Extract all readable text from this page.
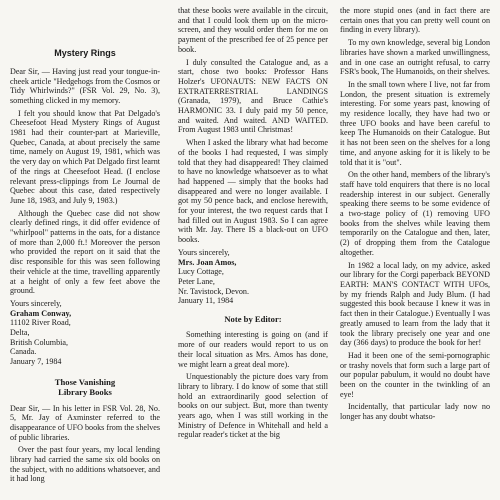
Mystery Rings

Dear Sir, — Having just read your tongue-in-cheek article "Hedgehogs from the Cosmos or Tidy Whirlwinds?" (FSR Vol. 29, No. 3), something clicked in my memory.

I felt you should know that Pat Delgado's Cheesefoot Head Mystery Rings of August 1981 had their counter-part at Marieville, Quebec, Canada, at about precisely the same time, namely on August 19, 1981, which was the very day on which Pat Delgado first learnt of the rings at Cheesefoot Head. (I enclose relevant press-clippings from Le Journal de Quebec about this case, dated respectively June 18, 1983, and July 9, 1983.)

Although the Quebec case did not show clearly defined rings, it did offer evidence of "whirlpool" patterns in the oats, for a distance of more than 2,000 ft.! Moreover the person who provided the report on it said that the disc responsible for this was seen following their vehicle at the time, travelling apparently at a height of only a few feet above the ground.

Yours sincerely,

Graham Conway,

11102 River Road,

Delta,

British Columbia,

Canada.

January 7, 1984

Those Vanishing
Library Books

Dear Sir, — In his letter in FSR Vol. 28, No. 5, Mr. Jay of Axminster referred to the disappearance of UFO books from the shelves of public libraries.

Over the past four years, my local lending library had carried the same six old books on the subject, with no additions whatsoever, and it had long

that these books were available in the circuit, and that I could look them up on the micro-screen, and they would order them for me on payment of the prescribed fee of 25 pence per book.

I duly consulted the Catalogue and, as a start, chose two books: Professor Hans Holzer's UFONAUTS: NEW FACTS ON EXTRATERRESTRIAL LANDINGS (Granada, 1979), and Bruce Cathie's HARMONIC 33. I duly paid my 50 pence, and waited. And waited. AND WAITED. From August 1983 until Christmas!

When I asked the library what had become of the books I had requested, I was simply told that they had disappeared! They claimed to have no knowledge whatsoever as to what had happened — simply that the books had disappeared and were no longer available. I got my 50 pence back, and enclose herewith, for your interest, the two request cards that I had filled out in August 1983. So I can agree with Mr. Jay. There IS a black-out on UFO books.

Yours sincerely,

Mrs. Joan Amos,

Lucy Cottage,

Peter Lane,

Nr. Tavistock, Devon.

January 11, 1984

Note by Editor:

Something interesting is going on (and if more of our readers would report to us on their local situation as Mrs. Amos has done, we might learn a great deal more).

Unquestionably the picture does vary from library to library. I do know of some that still hold an extraordinarily good selection of books on our subject. But, more than twenty years ago, when I was still working in the Ministry of Defence in Whitehall and held a regular reader's ticket at the big

the more stupid ones (and in fact there are certain ones that you can pretty well count on finding in every library).

To my own knowledge, several big London libraries have shown a marked unwillingness, and in one case an outright refusal, to carry FSR's book, The Humanoids, on their shelves.

In the small town where I live, not far from London, the present situation is extremely interesting. For some years past, knowing of my residence locally, they have had two or three UFO books and have been careful to keep The Humanoids on their Catalogue. But it has not been seen on the shelves for a long time, and anyone asking for it is likely to be told that it is "out".

On the other hand, members of the library's staff have told enquirers that there is no local readership interest in our subject. Generally speaking there seems to be some evidence of a two-stage policy of (1) removing UFO books from the shelves while leaving them temporarily on the Catalogue and then, later, (2) of dropping them from the Catalogue altogether.

In 1982 a local lady, on my advice, asked our library for the Corgi paperback BEYOND EARTH: MAN'S CONTACT WITH UFOs, by my friends Ralph and Judy Blum. (I had suggested this book because I knew it was in fact then in their Catalogue.) Eventually I was greatly amused to learn from the lady that it took the library precisely one year and one day (366 days) to produce the book for her!

Had it been one of the semi-pornographic or trashy novels that form such a large part of our popular pabulum, it would no doubt have been on the counter in the twinkling of an eye!

Incidentally, that particular lady now no longer has any doubt whatso-
